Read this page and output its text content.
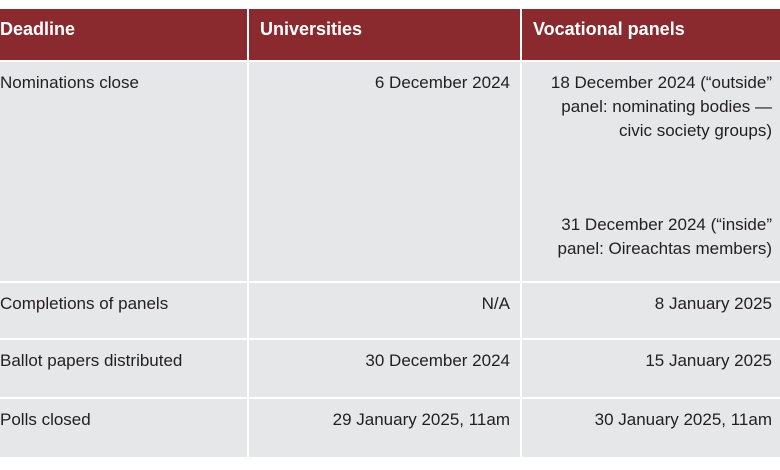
Deadline	Universities	Vocational panels
Nominations close	6 December 2024	18 December 2024 (“outside” panel: nominating bodies — civic society groups)
31 December 2024 (“inside” panel: Oireachtas members)
Completions of panels	N/A	8 January 2025
Ballot papers distributed	30 December 2024	15 January 2025
Polls closed	29 January 2025, 11am	30 January 2025, 11am
